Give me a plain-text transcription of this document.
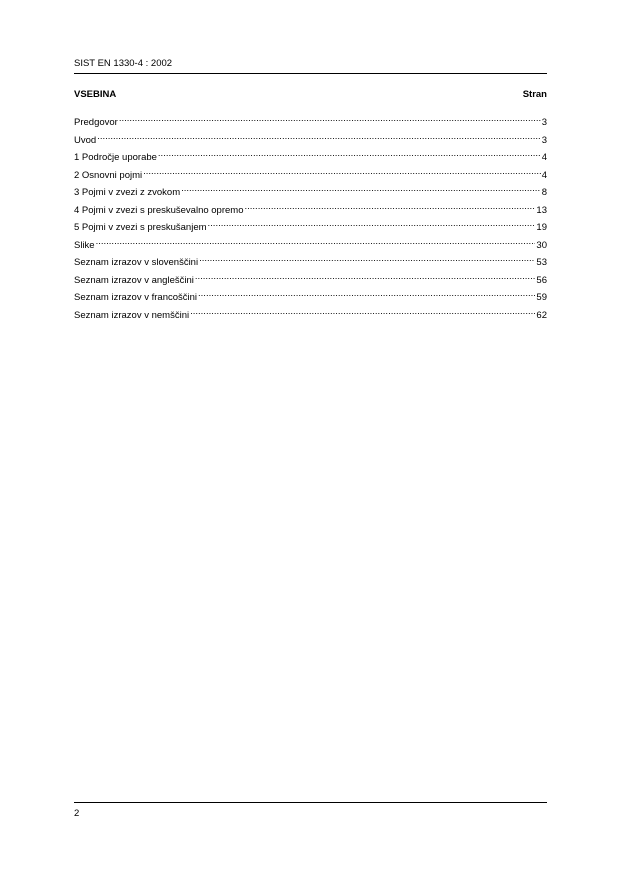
SIST EN 1330-4 : 2002
VSEBINA	Stran
Predgovor .....	3
Uvod .....	3
1 Področje uporabe .....	4
2 Osnovni pojmi .....	4
3 Pojmi v zvezi z zvokom .....	8
4 Pojmi v zvezi s preskuševalno opremo .....	13
5 Pojmi v zvezi s preskušanjem .....	19
Slike .....	30
Seznam izrazov v slovenščini .....	53
Seznam izrazov v angleščini .....	56
Seznam izrazov v francoščini .....	59
Seznam izrazov v nemščini .....	62
2
